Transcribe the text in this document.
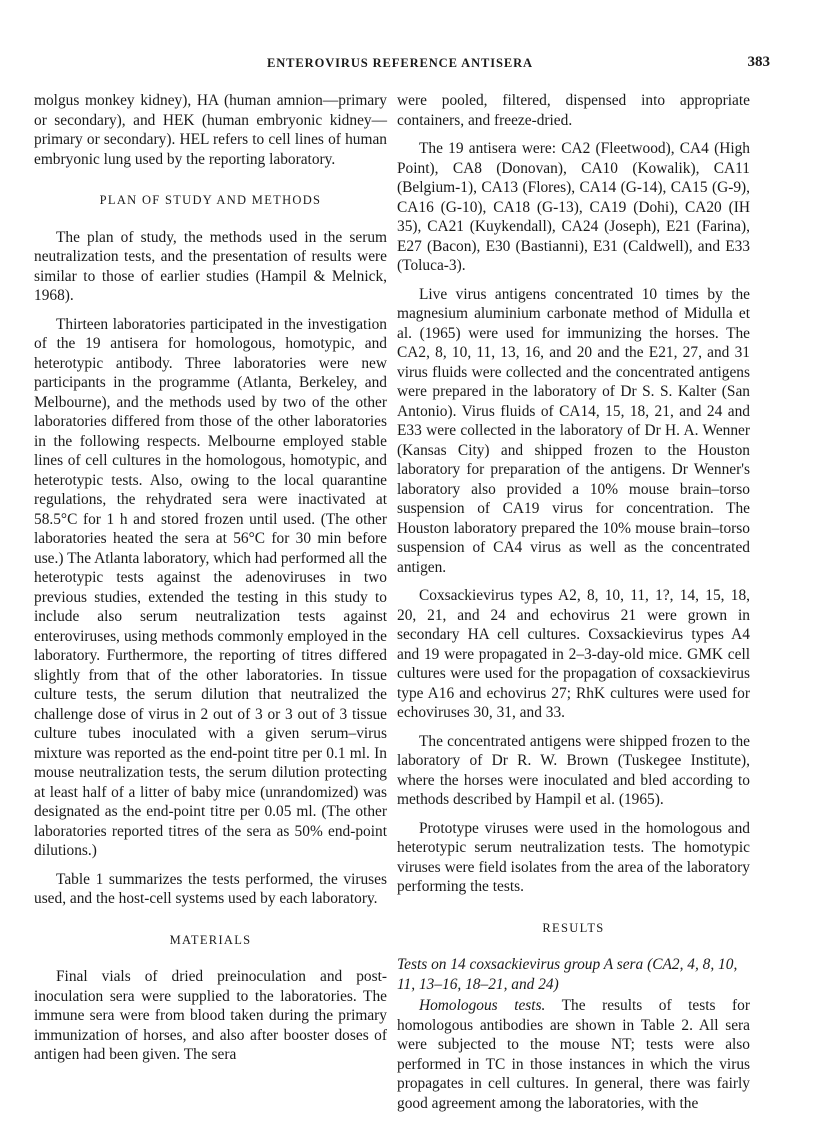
ENTEROVIRUS REFERENCE ANTISERA	383

molgus monkey kidney), HA (human amnion—primary or secondary), and HEK (human embryonic kidney—primary or secondary). HEL refers to cell lines of human embryonic lung used by the reporting laboratory.

PLAN OF STUDY AND METHODS

The plan of study, the methods used in the serum neutralization tests, and the presentation of results were similar to those of earlier studies (Hampil & Melnick, 1968).

Thirteen laboratories participated in the investigation of the 19 antisera for homologous, homotypic, and heterotypic antibody. Three laboratories were new participants in the programme (Atlanta, Berkeley, and Melbourne), and the methods used by two of the other laboratories differed from those of the other laboratories in the following respects. Melbourne employed stable lines of cell cultures in the homologous, homotypic, and heterotypic tests. Also, owing to the local quarantine regulations, the rehydrated sera were inactivated at 58.5°C for 1 h and stored frozen until used. (The other laboratories heated the sera at 56°C for 30 min before use.) The Atlanta laboratory, which had performed all the heterotypic tests against the adenoviruses in two previous studies, extended the testing in this study to include also serum neutralization tests against enteroviruses, using methods commonly employed in the laboratory. Furthermore, the reporting of titres differed slightly from that of the other laboratories. In tissue culture tests, the serum dilution that neutralized the challenge dose of virus in 2 out of 3 or 3 out of 3 tissue culture tubes inoculated with a given serum–virus mixture was reported as the end-point titre per 0.1 ml. In mouse neutralization tests, the serum dilution protecting at least half of a litter of baby mice (unrandomized) was designated as the end-point titre per 0.05 ml. (The other laboratories reported titres of the sera as 50% end-point dilutions.)

Table 1 summarizes the tests performed, the viruses used, and the host-cell systems used by each laboratory.

MATERIALS

Final vials of dried preinoculation and post-inoculation sera were supplied to the laboratories. The immune sera were from blood taken during the primary immunization of horses, and also after booster doses of antigen had been given. The sera

were pooled, filtered, dispensed into appropriate containers, and freeze-dried.

The 19 antisera were: CA2 (Fleetwood), CA4 (High Point), CA8 (Donovan), CA10 (Kowalik), CA11 (Belgium-1), CA13 (Flores), CA14 (G-14), CA15 (G-9), CA16 (G-10), CA18 (G-13), CA19 (Dohi), CA20 (IH 35), CA21 (Kuykendall), CA24 (Joseph), E21 (Farina), E27 (Bacon), E30 (Bastianni), E31 (Caldwell), and E33 (Toluca-3).

Live virus antigens concentrated 10 times by the magnesium aluminium carbonate method of Midulla et al. (1965) were used for immunizing the horses. The CA2, 8, 10, 11, 13, 16, and 20 and the E21, 27, and 31 virus fluids were collected and the concentrated antigens were prepared in the laboratory of Dr S. S. Kalter (San Antonio). Virus fluids of CA14, 15, 18, 21, and 24 and E33 were collected in the laboratory of Dr H. A. Wenner (Kansas City) and shipped frozen to the Houston laboratory for preparation of the antigens. Dr Wenner's laboratory also provided a 10% mouse brain–torso suspension of CA19 virus for concentration. The Houston laboratory prepared the 10% mouse brain–torso suspension of CA4 virus as well as the concentrated antigen.

Coxsackievirus types A2, 8, 10, 11, 1?, 14, 15, 18, 20, 21, and 24 and echovirus 21 were grown in secondary HA cell cultures. Coxsackievirus types A4 and 19 were propagated in 2–3-day-old mice. GMK cell cultures were used for the propagation of coxsackievirus type A16 and echovirus 27; RhK cultures were used for echoviruses 30, 31, and 33.

The concentrated antigens were shipped frozen to the laboratory of Dr R. W. Brown (Tuskegee Institute), where the horses were inoculated and bled according to methods described by Hampil et al. (1965).

Prototype viruses were used in the homologous and heterotypic serum neutralization tests. The homotypic viruses were field isolates from the area of the laboratory performing the tests.

RESULTS
Tests on 14 coxsackievirus group A sera (CA2, 4, 8, 10, 11, 13–16, 18–21, and 24)

Homologous tests. The results of tests for homologous antibodies are shown in Table 2. All sera were subjected to the mouse NT; tests were also performed in TC in those instances in which the virus propagates in cell cultures. In general, there was fairly good agreement among the laboratories, with the
